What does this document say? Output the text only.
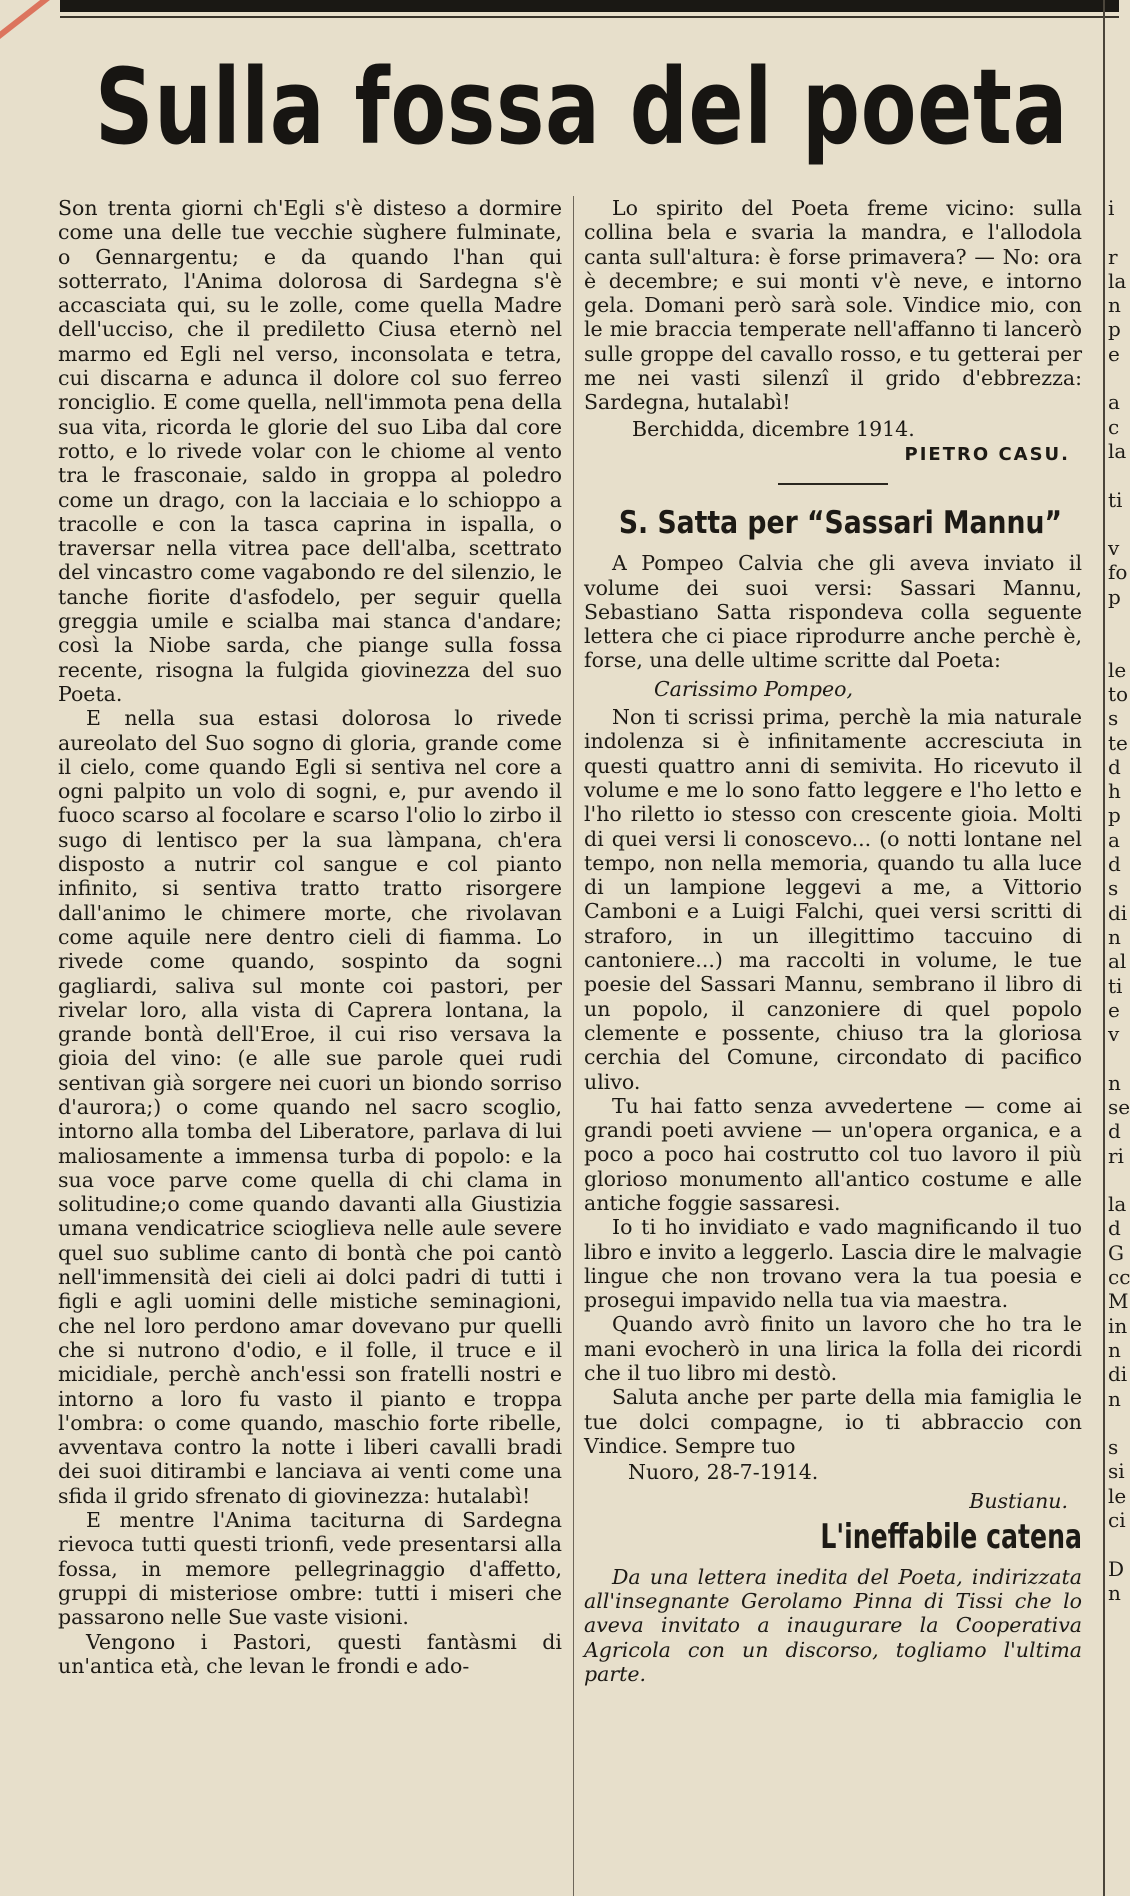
Sulla fossa del poeta

Son trenta giorni ch'Egli s'è disteso a dormire come una delle tue vecchie sùghere fulminate, o Gennargentu; e da quando l'han qui sotterrato, l'Anima dolorosa di Sardegna s'è accasciata qui, su le zolle, come quella Madre dell'ucciso, che il prediletto Ciusa eternò nel marmo ed Egli nel verso, inconsolata e tetra, cui discarna e adunca il dolore col suo ferreo ronciglio. E come quella, nell'immota pena della sua vita, ricorda le glorie del suo Liba dal core rotto, e lo rivede volar con le chiome al vento tra le frasconaie, saldo in groppa al poledro come un drago, con la lacciaia e lo schioppo a tracolle e con la tasca caprina in ispalla, o traversar nella vitrea pace dell'alba, scettrato del vincastro come vagabondo re del silenzio, le tanche fiorite d'asfodelo, per seguir quella greggia umile e scialba mai stanca d'andare; così la Niobe sarda, che piange sulla fossa recente, risogna la fulgida giovinezza del suo Poeta.

E nella sua estasi dolorosa lo rivede aureolato del Suo sogno di gloria, grande come il cielo, come quando Egli si sentiva nel core a ogni palpito un volo di sogni, e, pur avendo il fuoco scarso al focolare e scarso l'olio lo zirbo il sugo di lentisco per la sua làmpana, ch'era disposto a nutrir col sangue e col pianto infinito, si sentiva tratto tratto risorgere dall'animo le chimere morte, che rivolavan come aquile nere dentro cieli di fiamma. Lo rivede come quando, sospinto da sogni gagliardi, saliva sul monte coi pastori, per rivelar loro, alla vista di Caprera lontana, la grande bontà dell'Eroe, il cui riso versava la gioia del vino: (e alle sue parole quei rudi sentivan già sorgere nei cuori un biondo sorriso d'aurora;) o come quando nel sacro scoglio, intorno alla tomba del Liberatore, parlava di lui maliosamente a immensa turba di popolo: e la sua voce parve come quella di chi clama in solitudine;o come quando davanti alla Giustizia umana vendicatrice scioglieva nelle aule severe quel suo sublime canto di bontà che poi cantò nell'immensità dei cieli ai dolci padri di tutti i figli e agli uomini delle mistiche seminagioni, che nel loro perdono amar dovevano pur quelli che si nutrono d'odio, e il folle, il truce e il micidiale, perchè anch'essi son fratelli nostri e intorno a loro fu vasto il pianto e troppa l'ombra: o come quando, maschio forte ribelle, avventava contro la notte i liberi cavalli bradi dei suoi ditirambi e lanciava ai venti come una sfida il grido sfrenato di giovinezza: hutalabì!

E mentre l'Anima taciturna di Sardegna rievoca tutti questi trionfi, vede presentarsi alla fossa, in memore pellegrinaggio d'affetto, gruppi di misteriose ombre: tutti i miseri che passarono nelle Sue vaste visioni.

Vengono i Pastori, questi fantàsmi di un'antica età, che levan le frondi e ado-

Lo spirito del Poeta freme vicino: sulla collina bela e svaria la mandra, e l'allodola canta sull'altura: è forse primavera? — No: ora è decembre; e sui monti v'è neve, e intorno gela. Domani però sarà sole. Vindice mio, con le mie braccia temperate nell'affanno ti lancerò sulle groppe del cavallo rosso, e tu getterai per me nei vasti silenzî il grido d'ebbrezza: Sardegna, hutalabì!

Berchidda, dicembre 1914.
PIETRO CASU.
S. Satta per “Sassari Mannu”

A Pompeo Calvia che gli aveva inviato il volume dei suoi versi: Sassari Mannu, Sebastiano Satta rispondeva colla seguente lettera che ci piace riprodurre anche perchè è, forse, una delle ultime scritte dal Poeta:

Carissimo Pompeo,

Non ti scrissi prima, perchè la mia naturale indolenza si è infinitamente accresciuta in questi quattro anni di semivita. Ho ricevuto il volume e me lo sono fatto leggere e l'ho letto e l'ho riletto io stesso con crescente gioia. Molti di quei versi li conoscevo... (o notti lontane nel tempo, non nella memoria, quando tu alla luce di un lampione leggevi a me, a Vittorio Camboni e a Luigi Falchi, quei versi scritti di straforo, in un illegittimo taccuino di cantoniere...) ma raccolti in volume, le tue poesie del Sassari Mannu, sembrano il libro di un popolo, il canzoniere di quel popolo clemente e possente, chiuso tra la gloriosa cerchia del Comune, circondato di pacifico ulivo.

Tu hai fatto senza avvedertene — come ai grandi poeti avviene — un'opera organica, e a poco a poco hai costrutto col tuo lavoro il più glorioso monumento all'antico costume e alle antiche foggie sassaresi.

Io ti ho invidiato e vado magnificando il tuo libro e invito a leggerlo. Lascia dire le malvagie lingue che non trovano vera la tua poesia e prosegui impavido nella tua via maestra.

Quando avrò finito un lavoro che ho tra le mani evocherò in una lirica la folla dei ricordi che il tuo libro mi destò.

Saluta anche per parte della mia famiglia le tue dolci compagne, io ti abbraccio con Vindice. Sempre tuo

Nuoro, 28-7-1914.
Bustianu.
L'ineffabile catena

Da una lettera inedita del Poeta, indirizzata all'insegnante Gerolamo Pinna di Tissi che lo aveva invitato a inaugurare la Cooperativa Agricola con un discorso, togliamo l'ultima parte.

i
r
la
n
p
e
a
c
la
ti
v
fo
p
le
to
s
te
d
h
p
a
d
s
di
n
al
ti
e
v
n
se
d
ri
la
d
G
cc
M
in
n
di
n
s
si
le
ci
D
n
